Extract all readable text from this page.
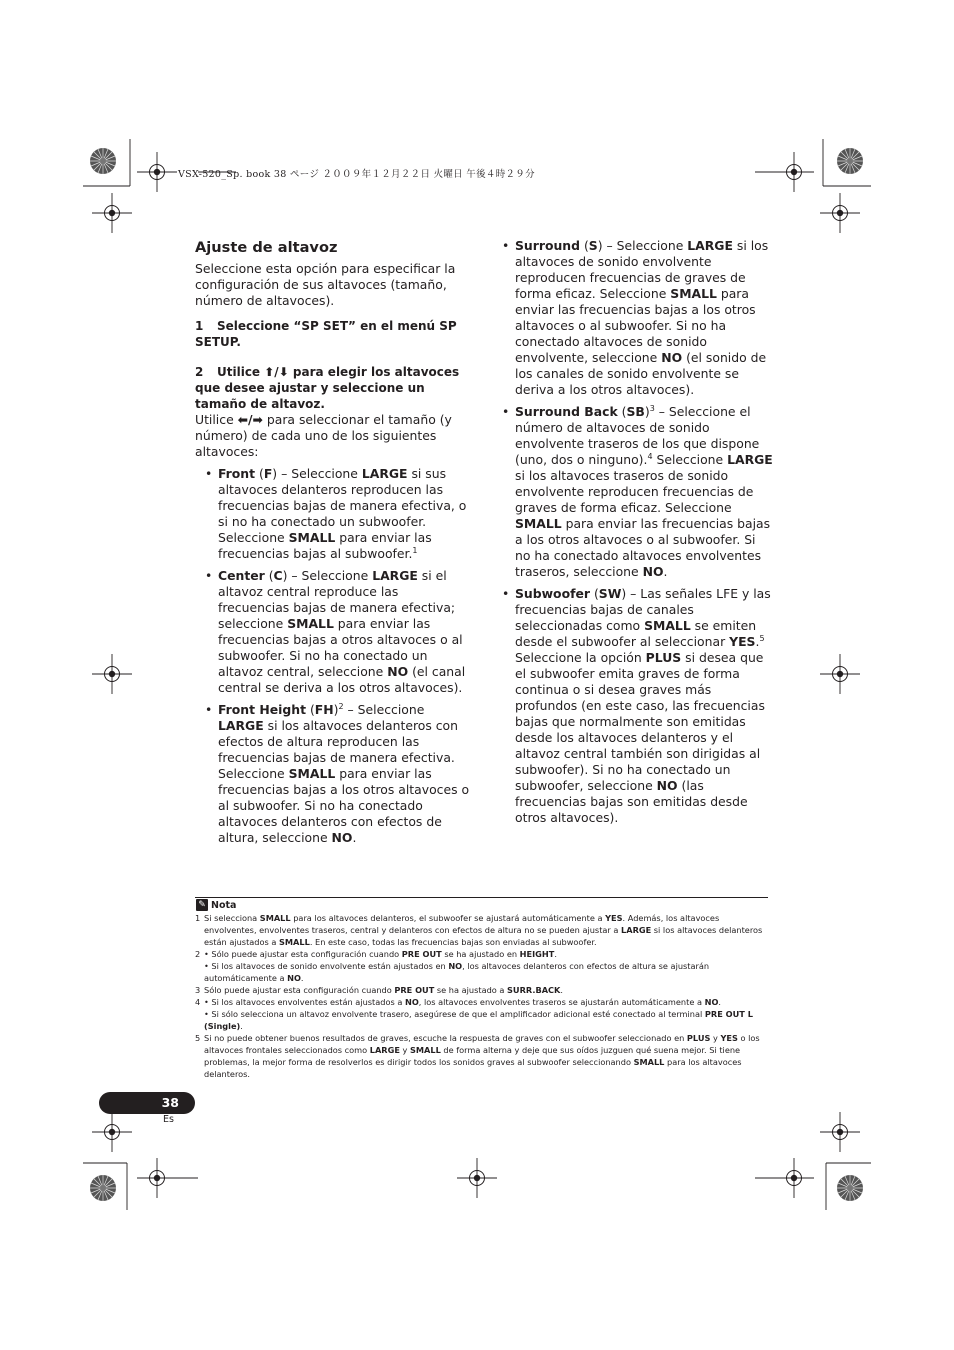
VSX-520_Sp. book 38 ページ ２００９年１２月２２日 火曜日 午後４時２９分
Ajuste de altavoz

Seleccione esta opción para especificar la configuración de sus altavoces (tamaño, número de altavoces).

1 Seleccione “SP SET” en el menú SP SETUP.
2 Utilice ⬆/⬇ para elegir los altavoces que desee ajustar y seleccione un tamaño de altavoz.

Utilice ⬅/➡ para seleccionar el tamaño (y número) de cada uno de los siguientes altavoces:

• Front (F) – Seleccione LARGE si sus altavoces delanteros reproducen las frecuencias bajas de manera efectiva, o si no ha conectado un subwoofer. Seleccione SMALL para enviar las frecuencias bajas al subwoofer.$^1$
• Center (C) – Seleccione LARGE si el altavoz central reproduce las frecuencias bajas de manera efectiva; seleccione SMALL para enviar las frecuencias bajas a otros altavoces o al subwoofer. Si no ha conectado un altavoz central, seleccione NO (el canal central se deriva a los otros altavoces).
• Front Height (FH)$^2$ – Seleccione LARGE si los altavoces delanteros con efectos de altura reproducen las frecuencias bajas de manera efectiva. Seleccione SMALL para enviar las frecuencias bajas a los otros altavoces o al subwoofer. Si no ha conectado altavoces delanteros con efectos de altura, seleccione NO.
• Surround (S) – Seleccione LARGE si los altavoces de sonido envolvente reproducen frecuencias de graves de forma eficaz. Seleccione SMALL para enviar las frecuencias bajas a los otros altavoces o al subwoofer. Si no ha conectado altavoces de sonido envolvente, seleccione NO (el sonido de los canales de sonido envolvente se deriva a los otros altavoces).
• Surround Back (SB)$^3$ – Seleccione el número de altavoces de sonido envolvente traseros de los que dispone (uno, dos o ninguno).$^4$ Seleccione LARGE si los altavoces traseros de sonido envolvente reproducen frecuencias de graves de forma eficaz. Seleccione SMALL para enviar las frecuencias bajas a los otros altavoces o al subwoofer. Si no ha conectado altavoces envolventes traseros, seleccione NO.
• Subwoofer (SW) – Las señales LFE y las frecuencias bajas de canales seleccionadas como SMALL se emiten desde el subwoofer al seleccionar YES.$^5$ Seleccione la opción PLUS si desea que el subwoofer emita graves de forma continua o si desea graves más profundos (en este caso, las frecuencias bajas que normalmente son emitidas desde los altavoces delanteros y el altavoz central también son dirigidas al subwoofer). Si no ha conectado un subwoofer, seleccione NO (las frecuencias bajas son emitidas desde otros altavoces).
✎ Nota
1 Si selecciona SMALL para los altavoces delanteros, el subwoofer se ajustará automáticamente a YES. Además, los altavoces envolventes, envolventes traseros, central y delanteros con efectos de altura no se pueden ajustar a LARGE si los altavoces delanteros están ajustados a SMALL. En este caso, todas las frecuencias bajas son enviadas al subwoofer.
2 • Sólo puede ajustar esta configuración cuando PRE OUT se ha ajustado en HEIGHT.
• Si los altavoces de sonido envolvente están ajustados en NO, los altavoces delanteros con efectos de altura se ajustarán automáticamente a NO.
3 Sólo puede ajustar esta configuración cuando PRE OUT se ha ajustado a SURR.BACK.
4 • Si los altavoces envolventes están ajustados a NO, los altavoces envolventes traseros se ajustarán automáticamente a NO.
• Si sólo selecciona un altavoz envolvente trasero, asegúrese de que el amplificador adicional esté conectado al terminal PRE OUT L (Single).
5 Si no puede obtener buenos resultados de graves, escuche la respuesta de graves con el subwoofer seleccionado en PLUS y YES o los altavoces frontales seleccionados como LARGE y SMALL de forma alterna y deje que sus oídos juzguen qué suena mejor. Si tiene problemas, la mejor forma de resolverlos es dirigir todos los sonidos graves al subwoofer seleccionando SMALL para los altavoces delanteros.
38
Es
